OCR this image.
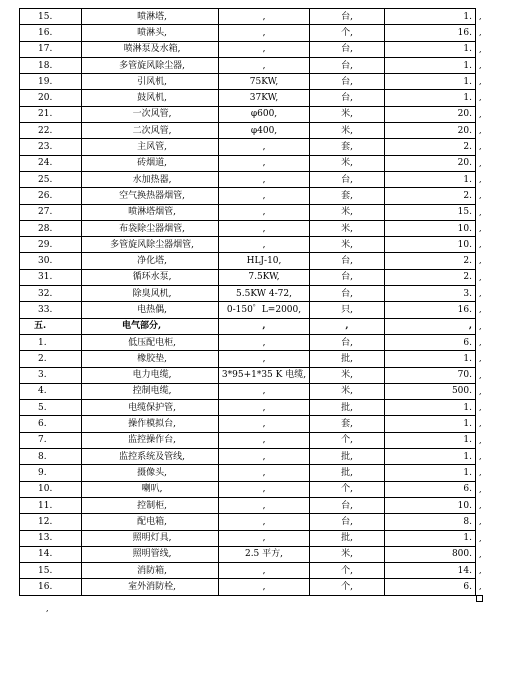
15.	喷淋塔,	,	台,	1.
16.	喷淋头,	,	个,	16.
17.	喷淋泵及水箱,	,	台,	1.
18.	多管旋风除尘器,	,	台,	1.
19.	引风机,	75KW,	台,	1.
20.	鼓风机,	37KW,	台,	1.
21.	一次风管,	φ600,	米,	20.
22.	二次风管,	φ400,	米,	20.
23.	主风管,	,	套,	2.
24.	砖烟道,	,	米,	20.
25.	水加热器,	,	台,	1.
26.	空气换热器烟管,	,	套,	2.
27.	喷淋塔烟管,	,	米,	15.
28.	布袋除尘器烟管,	,	米,	10.
29.	多管旋风除尘器烟管,	,	米,	10.
30.	净化塔,	HLJ-10,	台,	2.
31.	循环水泵,	7.5KW,	台,	2.
32.	除臭风机,	5.5KW 4-72,	台,	3.
33.	电热偶,	0-150゜L=2000,	只,	16.
五.	电气部分,	,	,	,
1.	低压配电柜,	,	台,	6.
2.	橡胶垫,	,	批,	1.
3.	电力电缆,	3*95+1*35 K 电缆,	米,	70.
4.	控制电缆,	,	米,	500.
5.	电缆保护管,	,	批,	1.
6.	操作模拟台,	,	套,	1.
7.	监控操作台,	,	个,	1.
8.	监控系统及管线,	,	批,	1.
9.	摄像头,	,	批,	1.
10.	喇叭,	,	个,	6.
11.	控制柜,	,	台,	10.
12.	配电箱,	,	台,	8.
13.	照明灯具,	,	批,	1.
14.	照明管线,	2.5 平方,	米,	800.
15.	消防箱,	,	个,	14.
16.	室外消防栓,	,	个,	6.
,
,
,
,
,
,
,
,
,
,
,
,
,
,
,
,
,
,
,
,
,
,
,
,
,
,
,
,
,
,
,
,
,
,
,
,
,
